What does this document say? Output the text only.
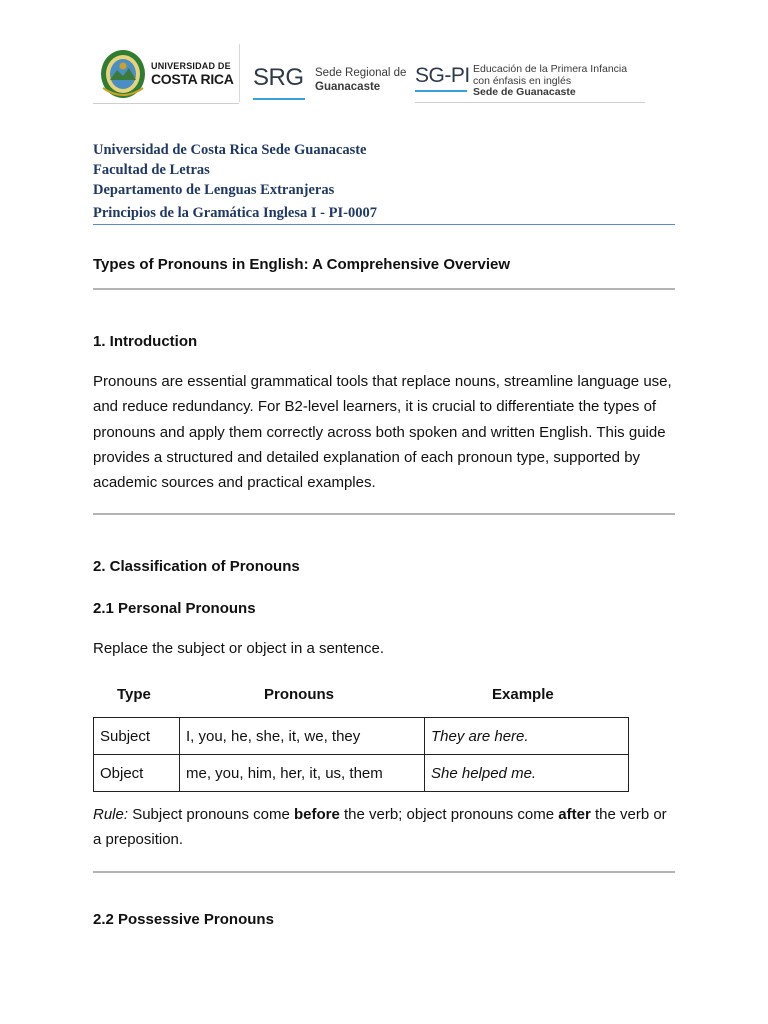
UNIVERSIDAD DE
COSTA RICA SRG Sede Regional de
Guanacaste	SG-PI Educación de la Primera Infancia
con énfasis en inglés
Sede de Guanacaste
Universidad de Costa Rica Sede Guanacaste
Facultad de Letras
Departamento de Lenguas Extranjeras
Principios de la Gramática Inglesa I - PI-0007
Types of Pronouns in English: A Comprehensive Overview
1. Introduction
Pronouns are essential grammatical tools that replace nouns, streamline language use, and reduce redundancy. For B2-level learners, it is crucial to differentiate the types of pronouns and apply them correctly across both spoken and written English. This guide provides a structured and detailed explanation of each pronoun type, supported by academic sources and practical examples.
2. Classification of Pronouns
2.1 Personal Pronouns
Replace the subject or object in a sentence.
Type	Pronouns	Example
Subject	I, you, he, she, it, we, they	They are here.
Object	me, you, him, her, it, us, them	She helped me.
Rule: Subject pronouns come before the verb; object pronouns come after the verb or a preposition.
2.2 Possessive Pronouns
